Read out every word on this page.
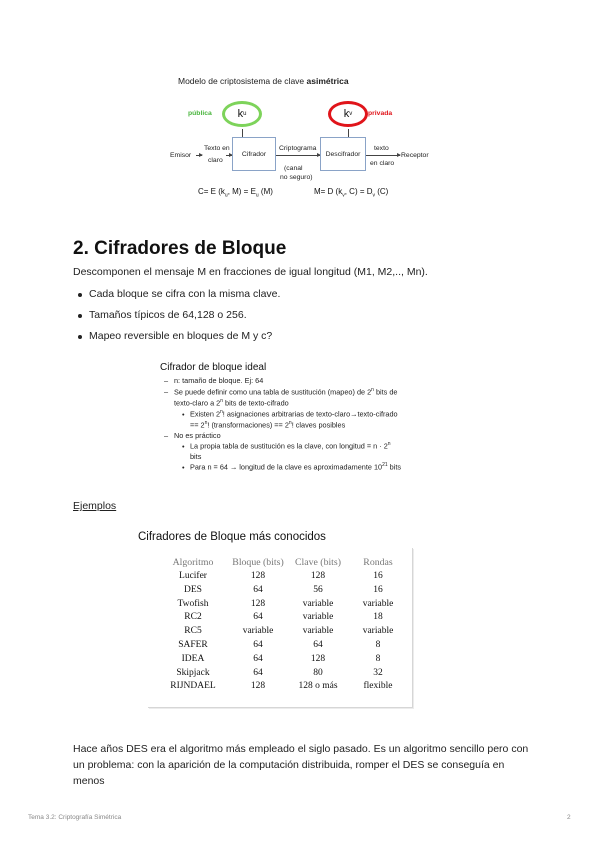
Modelo de criptosistema de clave asimétrica
pública k u	privada
k v
Emisor
Texto en
claro
Cifrador
Criptograma
(canal
no seguro)
Descifrador
texto
en claro
Receptor
C= E ($k_u$, $M) = E_u$ (M)	M= D ($k_v$, $C) = D_v$ (C)
2. Cifradores de Bloque
Descomponen el mensaje M en fracciones de igual longitud (M1, M2,.., Mn).
Cada bloque se cifra con la misma clave.
Tamaños típicos de 64,128 o 256.
Mapeo reversible en bloques de M y c?
Cifrador de bloque ideal
– n: tamaño de bloque. Ej: 64
– Se puede definir como una tabla de sustitución (mapeo) de 2$^n$ bits de
texto-claro a 2$^n$ bits de texto-cifrado
• Existen 2$^n$! asignaciones arbitrarias de texto-claro→texto-cifrado
== $2^n$! (transformaciones) == $2^n$! claves posibles
– No es práctico
• La propia tabla de sustitución es la clave, con longitud = $n \cdot 2^n$
bits
• Para n = 64 → longitud de la clave es aproximadamente $10^{21}$ bits
Ejemplos
Cifradores de Bloque más conocidos
Algoritmo	Bloque (bits)	Clave (bits)	Rondas
Lucifer	128	128	16
DES	64	56	16
Twofish	128	variable	variable
RC2	64	variable	18
RC5	variable	variable	variable
SAFER	64	64	8
IDEA	64	128	8
Skipjack	64	80	32
RIJNDAEL	128	128 o más	flexible

Hace años DES era el algoritmo más empleado el siglo pasado. Es un algoritmo sencillo pero con un problema: con la aparición de la computación distribuida, romper el DES se conseguía en menos

Tema 3.2: Criptografía Simétrica	2
